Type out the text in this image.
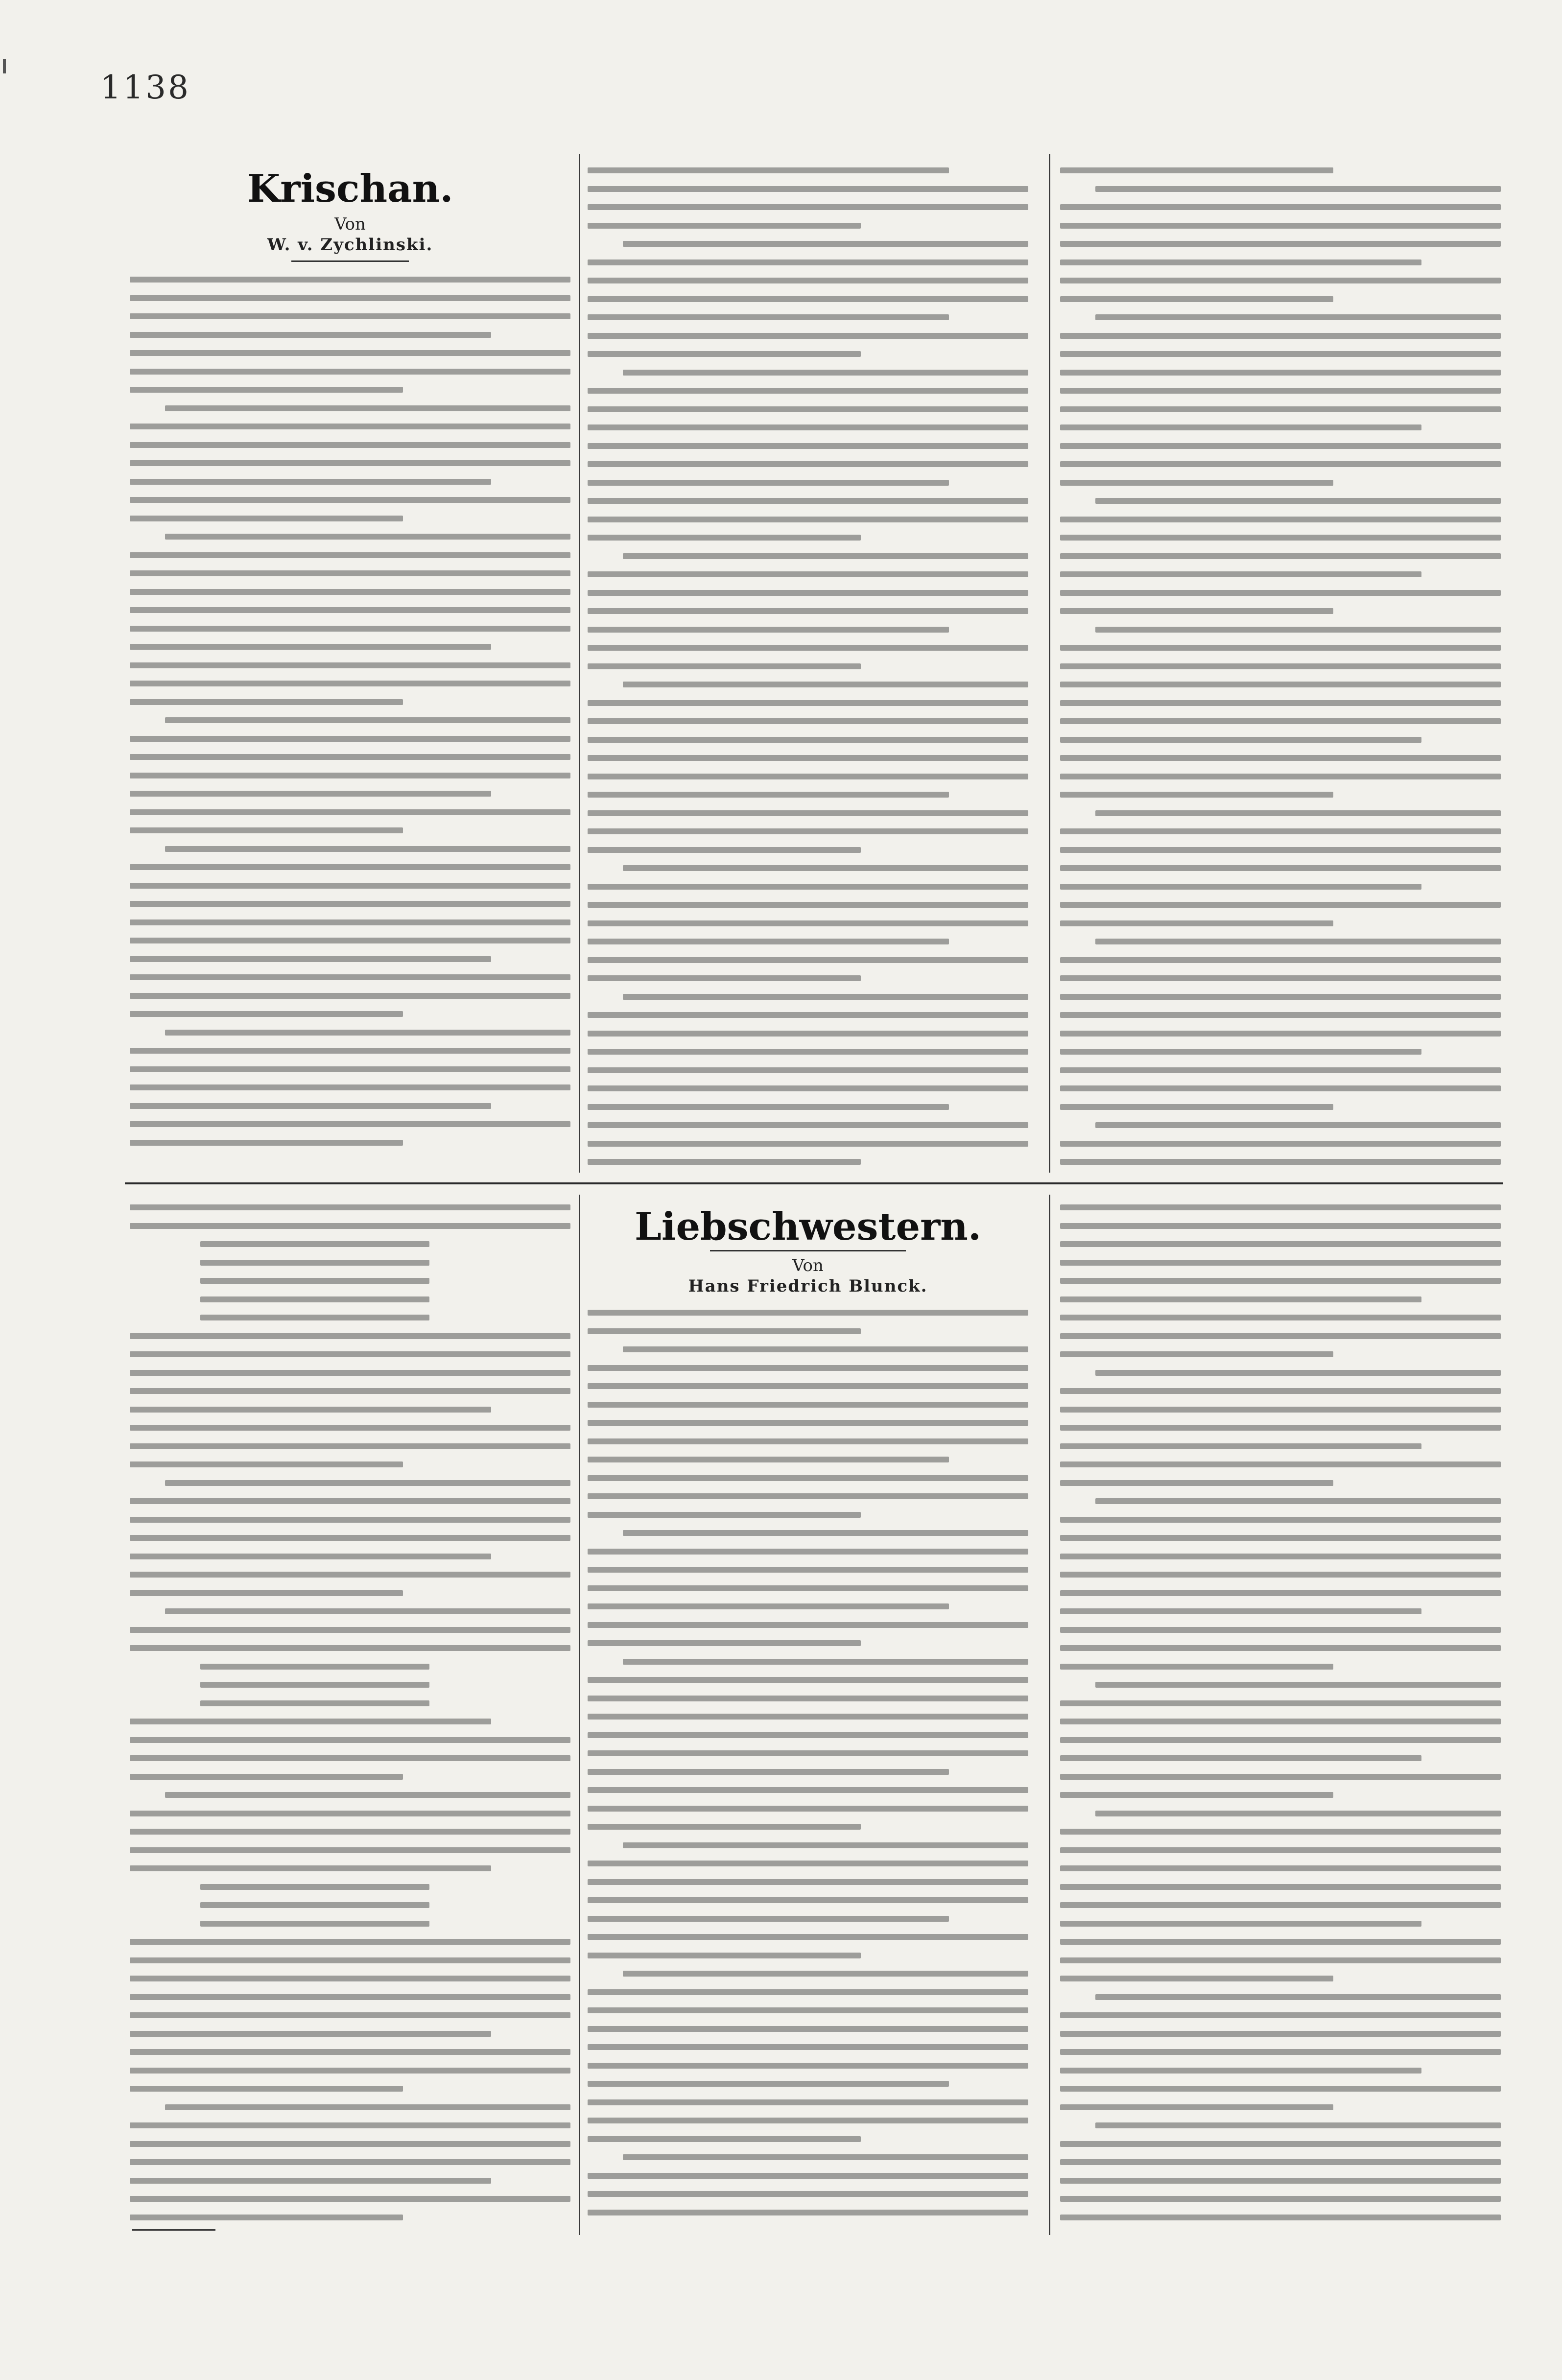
1138
Krischan.
Von
W. v. Zychlinski.
Liebschwestern.
Von
Hans Friedrich Blunck.
